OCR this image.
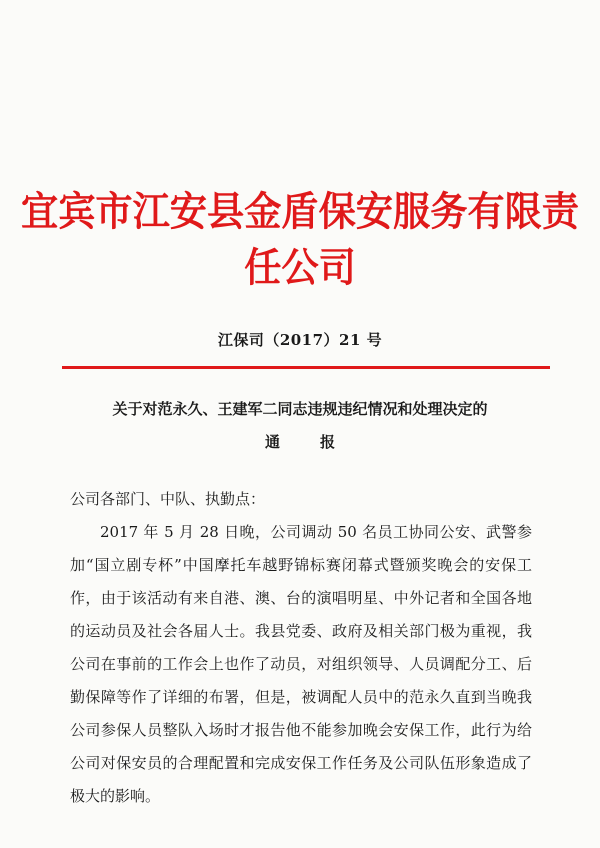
宜宾市江安县金盾保安服务有限责任公司
江保司（2017）21 号
关于对范永久、王建军二同志违规违纪情况和处理决定的
通报
公司各部门、中队、执勤点：

2017 年 5 月 28 日晚，公司调动 50 名员工协同公安、武警参加“国立剧专杯”中国摩托车越野锦标赛闭幕式暨颁奖晚会的安保工作，由于该活动有来自港、澳、台的演唱明星、中外记者和全国各地的运动员及社会各届人士。我县党委、政府及相关部门极为重视，我公司在事前的工作会上也作了动员，对组织领导、人员调配分工、后勤保障等作了详细的布署，但是，被调配人员中的范永久直到当晚我公司参保人员整队入场时才报告他不能参加晚会安保工作，此行为给公司对保安员的合理配置和完成安保工作任务及公司队伍形象造成了极大的影响。
